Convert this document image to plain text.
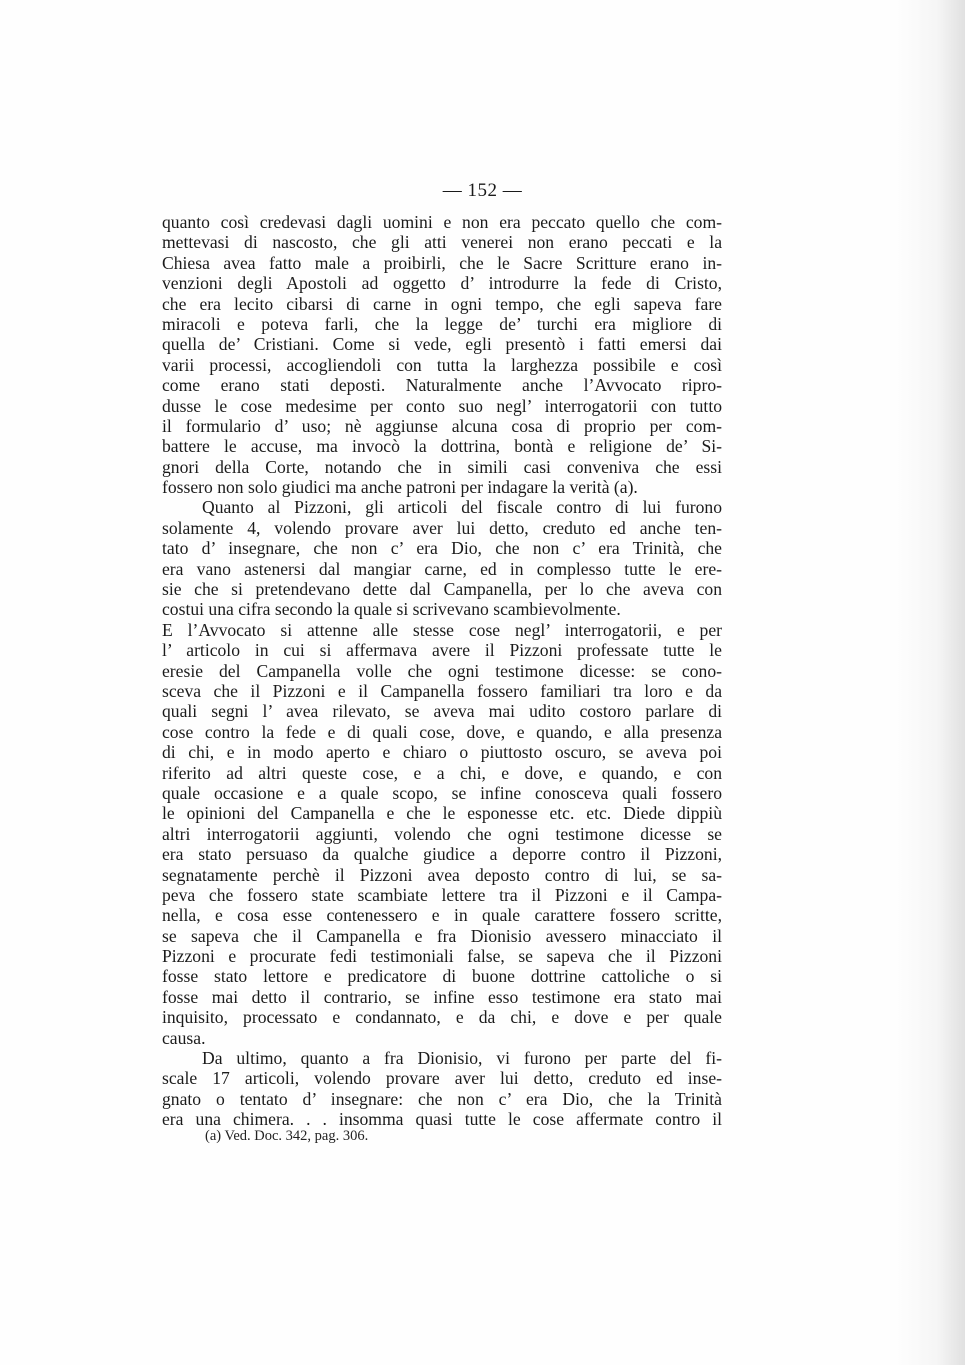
— 152 —
quanto così credevasi dagli uomini e non era peccato quello che com-
mettevasi di nascosto, che gli atti venerei non erano peccati e la
Chiesa avea fatto male a proibirli, che le Sacre Scritture erano in-
venzioni degli Apostoli ad oggetto d’ introdurre la fede di Cristo,
che era lecito cibarsi di carne in ogni tempo, che egli sapeva fare
miracoli e poteva farli, che la legge de’ turchi era migliore di
quella de’ Cristiani. Come si vede, egli presentò i fatti emersi dai
varii processi, accogliendoli con tutta la larghezza possibile e così
come erano stati deposti. Naturalmente anche l’Avvocato ripro-
dusse le cose medesime per conto suo negl’ interrogatorii con tutto
il formulario d’ uso; nè aggiunse alcuna cosa di proprio per com-
battere le accuse, ma invocò la dottrina, bontà e religione de’ Si-
gnori della Corte, notando che in simili casi conveniva che essi
fossero non solo giudici ma anche patroni per indagare la verità (a).
Quanto al Pizzoni, gli articoli del fiscale contro di lui furono
solamente 4, volendo provare aver lui detto, creduto ed anche ten-
tato d’ insegnare, che non c’ era Dio, che non c’ era Trinità, che
era vano astenersi dal mangiar carne, ed in complesso tutte le ere-
sie che si pretendevano dette dal Campanella, per lo che aveva con
costui una cifra secondo la quale si scrivevano scambievolmente.
E l’Avvocato si attenne alle stesse cose negl’ interrogatorii, e per
l’ articolo in cui si affermava avere il Pizzoni professate tutte le
eresie del Campanella volle che ogni testimone dicesse: se cono-
sceva che il Pizzoni e il Campanella fossero familiari tra loro e da
quali segni l’ avea rilevato, se aveva mai udito costoro parlare di
cose contro la fede e di quali cose, dove, e quando, e alla presenza
di chi, e in modo aperto e chiaro o piuttosto oscuro, se aveva poi
riferito ad altri queste cose, e a chi, e dove, e quando, e con
quale occasione e a quale scopo, se infine conosceva quali fossero
le opinioni del Campanella e che le esponesse etc. etc. Diede dippiù
altri interrogatorii aggiunti, volendo che ogni testimone dicesse se
era stato persuaso da qualche giudice a deporre contro il Pizzoni,
segnatamente perchè il Pizzoni avea deposto contro di lui, se sa-
peva che fossero state scambiate lettere tra il Pizzoni e il Campa-
nella, e cosa esse contenessero e in quale carattere fossero scritte,
se sapeva che il Campanella e fra Dionisio avessero minacciato il
Pizzoni e procurate fedi testimoniali false, se sapeva che il Pizzoni
fosse stato lettore e predicatore di buone dottrine cattoliche o si
fosse mai detto il contrario, se infine esso testimone era stato mai
inquisito, processato e condannato, e da chi, e dove e per quale
causa.
Da ultimo, quanto a fra Dionisio, vi furono per parte del fi-
scale 17 articoli, volendo provare aver lui detto, creduto ed inse-
gnato o tentato d’ insegnare: che non c’ era Dio, che la Trinità
era una chimera. . . insomma quasi tutte le cose affermate contro il
(a) Ved. Doc. 342, pag. 306.
